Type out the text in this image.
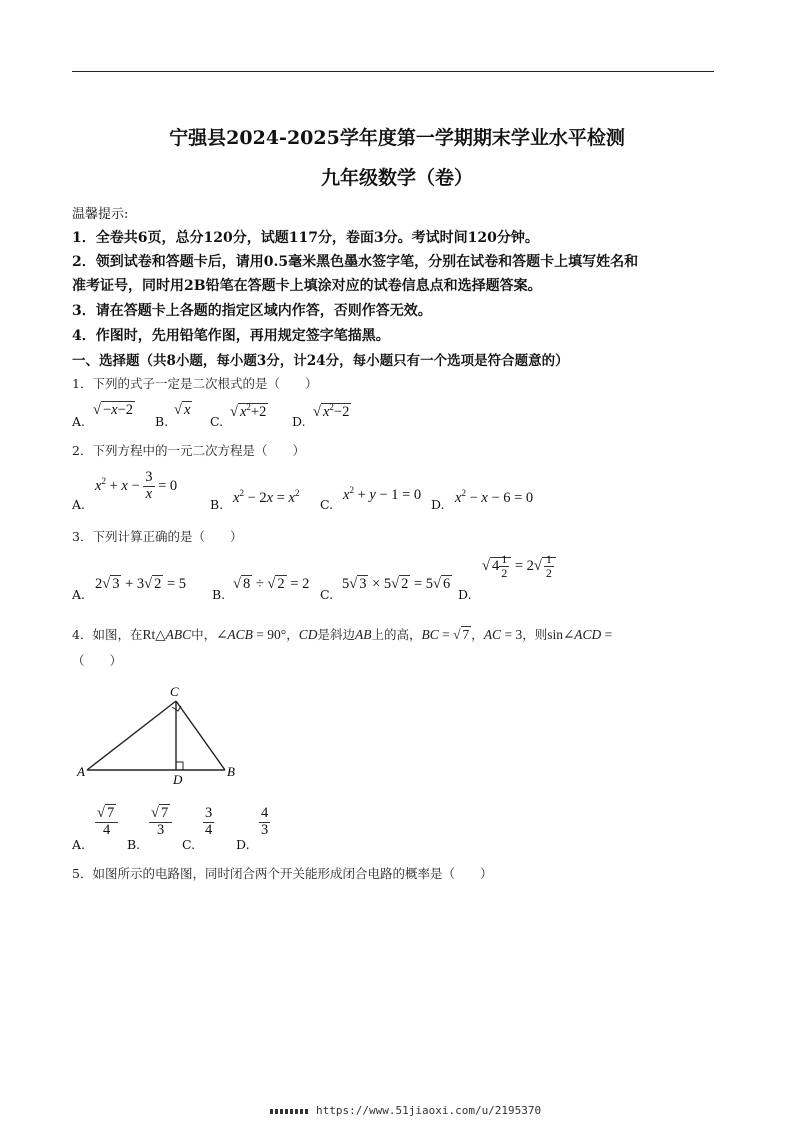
宁强县2024-2025学年度第一学期期末学业水平检测
九年级数学（卷）
温馨提示:
1．全卷共6页，总分120分，试题117分，卷面3分。考试时间120分钟。
2．领到试卷和答题卡后，请用0.5毫米黑色墨水签字笔，分别在试卷和答题卡上填写姓名和
准考证号，同时用2B铅笔在答题卡上填涂对应的试卷信息点和选择题答案。
3．请在答题卡上各题的指定区域内作答，否则作答无效。
4．作图时，先用铅笔作图，再用规定签字笔描黑。
一、选择题（共8小题，每小题3分，计24分，每小题只有一个选项是符合题意的）
1．下列的式子一定是二次根式的是（　　）
A.
√ −x−2
B.
√ x
C.
√ $x^2+2$
D.
√ $x^2-2$
2．下列方程中的一元二次方程是（　　）
A.
$x^2 + x - \frac{3}{x} = 0$
B. $x^2 - 2x = x^2$
C.
$x^2 + y - 1 = 0$
D. $x^2 - x - 6 = 0$
3．下列计算正确的是（　　）
A.
2√ 3 + 3√ 2 = 5
B.
√ 8 ÷ √ 2 = 2
C.
5√ 3 × 5√ 2 = 5√ 6
D.
√ $4 \frac{1}{2} = 2√ \frac{1}{2}$
4．如图，在Rt△ABC中，∠ACB = 90°，CD是斜边AB上的高，BC = √ 7 ，AC = 3，则sin∠ACD =
（　　）
C
A	B
D
A.
$\frac{√ 7}{4}$
B.
$\frac{√ 7}{3}$
C.
$\frac{3}{4}$
D.
$\frac{4}{3}$
5．如图所示的电路图，同时闭合两个开关能形成闭合电路的概率是（　　）
https://www.51jiaoxi.com/u/2195370
